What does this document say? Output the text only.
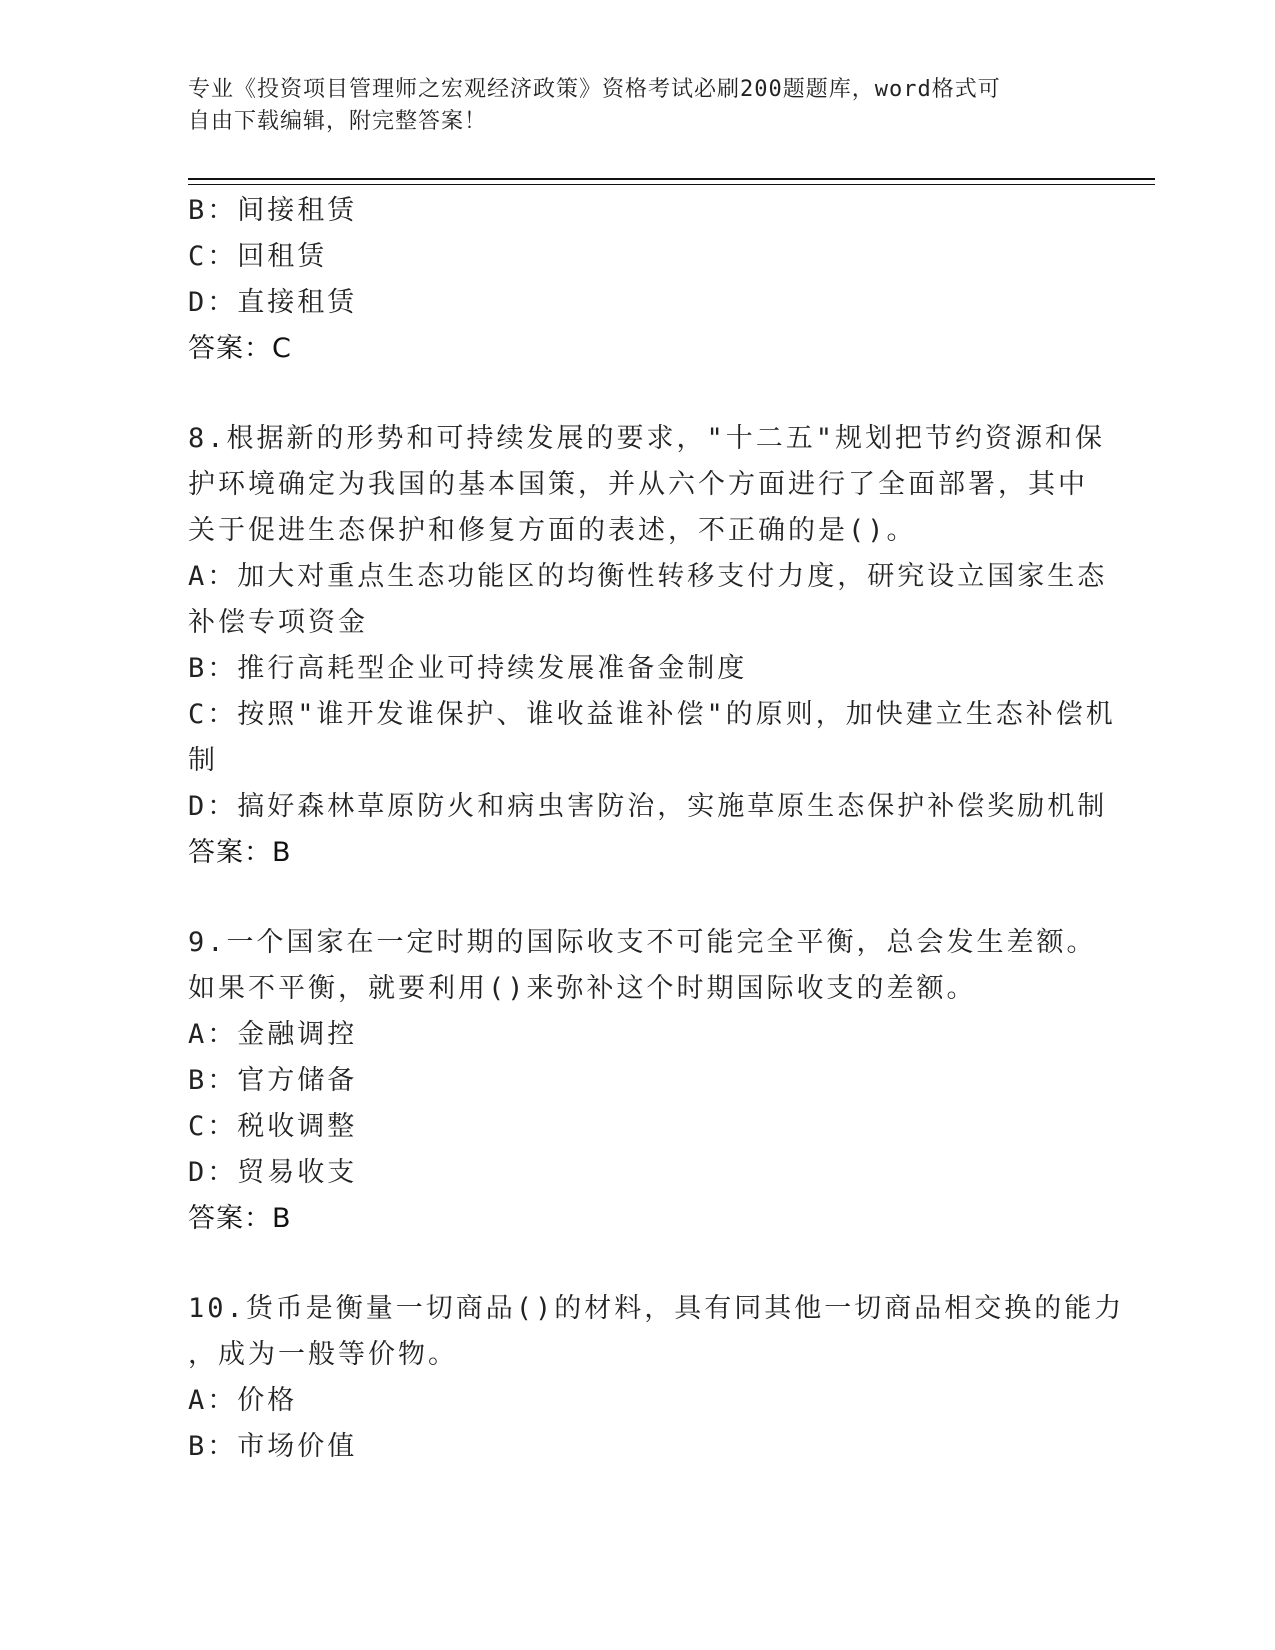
专业《投资项目管理师之宏观经济政策》资格考试必刷200题题库，word格式可
自由下载编辑，附完整答案！
B：间接租赁
C：回租赁
D：直接租赁
答案：C
8.根据新的形势和可持续发展的要求，"十二五"规划把节约资源和保
护环境确定为我国的基本国策，并从六个方面进行了全面部署，其中
关于促进生态保护和修复方面的表述，不正确的是()。
A：加大对重点生态功能区的均衡性转移支付力度，研究设立国家生态
补偿专项资金
B：推行高耗型企业可持续发展准备金制度
C：按照"谁开发谁保护、谁收益谁补偿"的原则，加快建立生态补偿机
制
D：搞好森林草原防火和病虫害防治，实施草原生态保护补偿奖励机制
答案：B
9.一个国家在一定时期的国际收支不可能完全平衡，总会发生差额。
如果不平衡，就要利用()来弥补这个时期国际收支的差额。
A：金融调控
B：官方储备
C：税收调整
D：贸易收支
答案：B
10.货币是衡量一切商品()的材料，具有同其他一切商品相交换的能力
，成为一般等价物。
A：价格
B：市场价值
